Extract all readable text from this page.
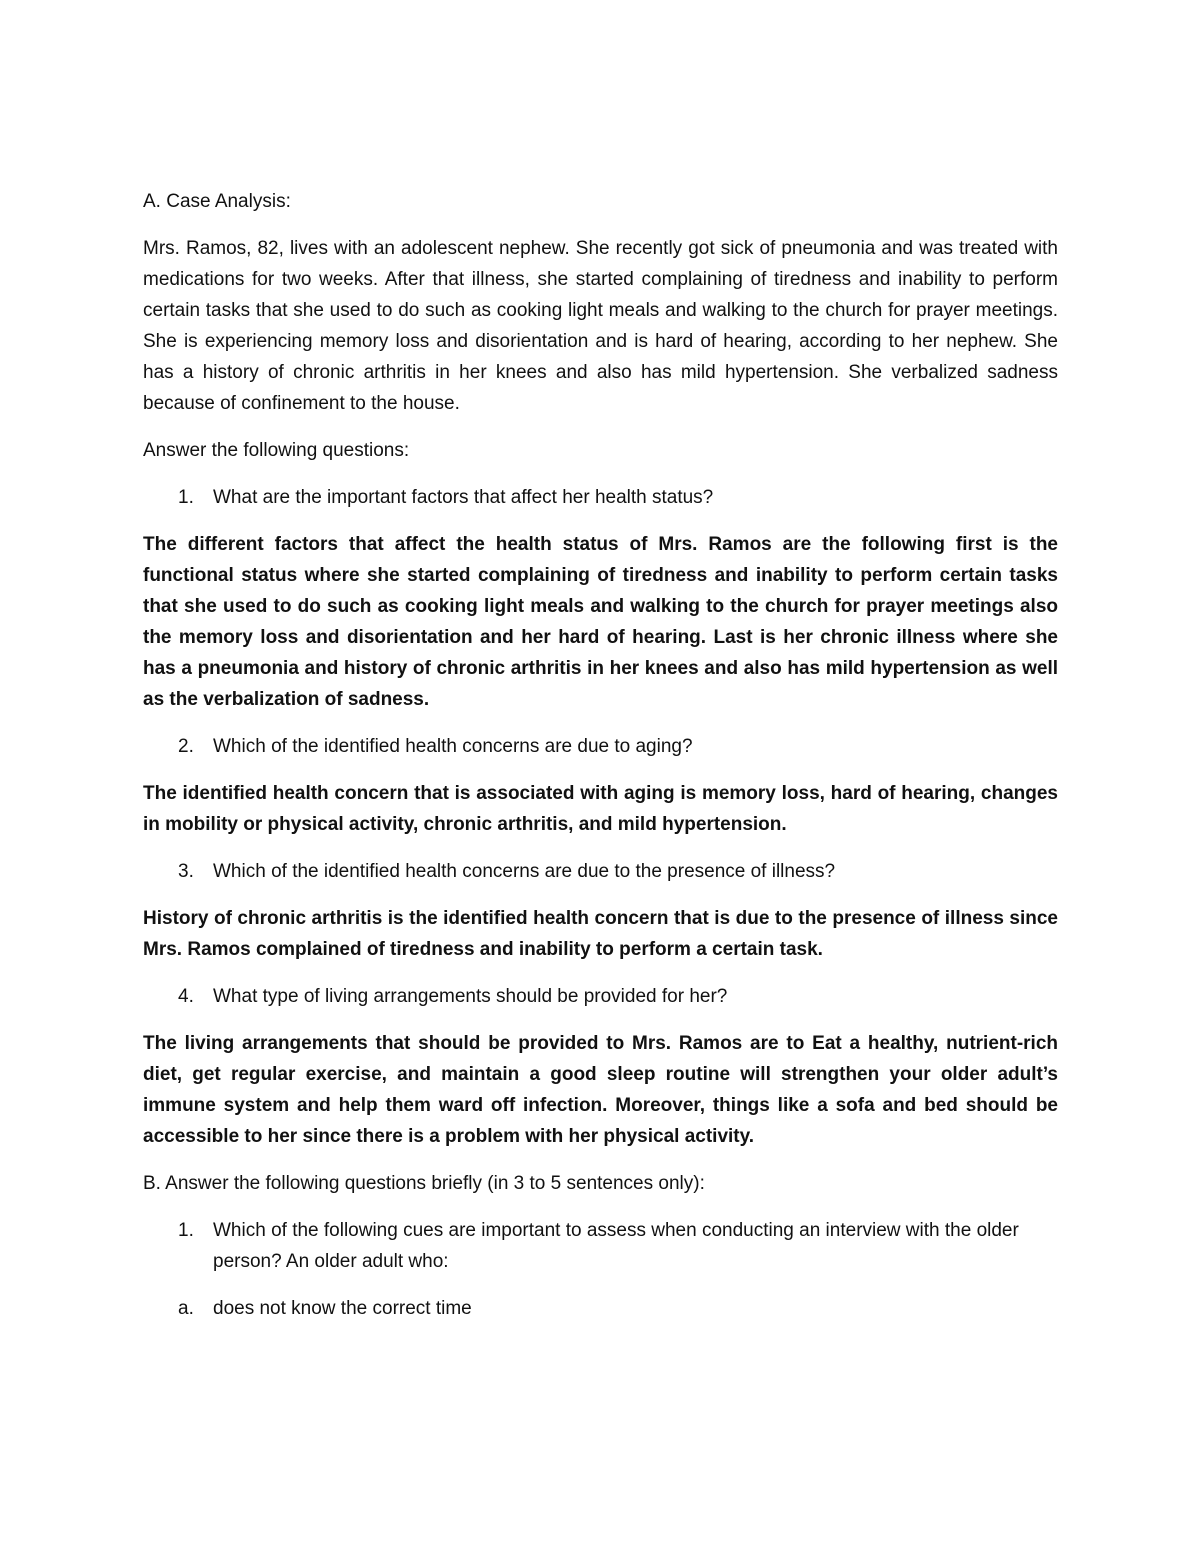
A. Case Analysis:

Mrs. Ramos, 82, lives with an adolescent nephew. She recently got sick of pneumonia and was treated with medications for two weeks. After that illness, she started complaining of tiredness and inability to perform certain tasks that she used to do such as cooking light meals and walking to the church for prayer meetings. She is experiencing memory loss and disorientation and is hard of hearing, according to her nephew. She has a history of chronic arthritis in her knees and also has mild hypertension. She verbalized sadness because of confinement to the house.

Answer the following questions:

1.	What are the important factors that affect her health status?

The different factors that affect the health status of Mrs. Ramos are the following first is the functional status where she started complaining of tiredness and inability to perform certain tasks that she used to do such as cooking light meals and walking to the church for prayer meetings also the memory loss and disorientation and her hard of hearing. Last is her chronic illness where she has a pneumonia and history of chronic arthritis in her knees and also has mild hypertension as well as the verbalization of sadness.

2.	Which of the identified health concerns are due to aging?

The identified health concern that is associated with aging is memory loss, hard of hearing, changes in mobility or physical activity, chronic arthritis, and mild hypertension.

3.	Which of the identified health concerns are due to the presence of illness?

History of chronic arthritis is the identified health concern that is due to the presence of illness since Mrs. Ramos complained of tiredness and inability to perform a certain task.

4.	What type of living arrangements should be provided for her?

The living arrangements that should be provided to Mrs. Ramos are to Eat a healthy, nutrient-rich diet, get regular exercise, and maintain a good sleep routine will strengthen your older adult’s immune system and help them ward off infection. Moreover, things like a sofa and bed should be accessible to her since there is a problem with her physical activity.

B. Answer the following questions briefly (in 3 to 5 sentences only):

1.	Which of the following cues are important to assess when conducting an interview with the older person? An older adult who:
a.	does not know the correct time
